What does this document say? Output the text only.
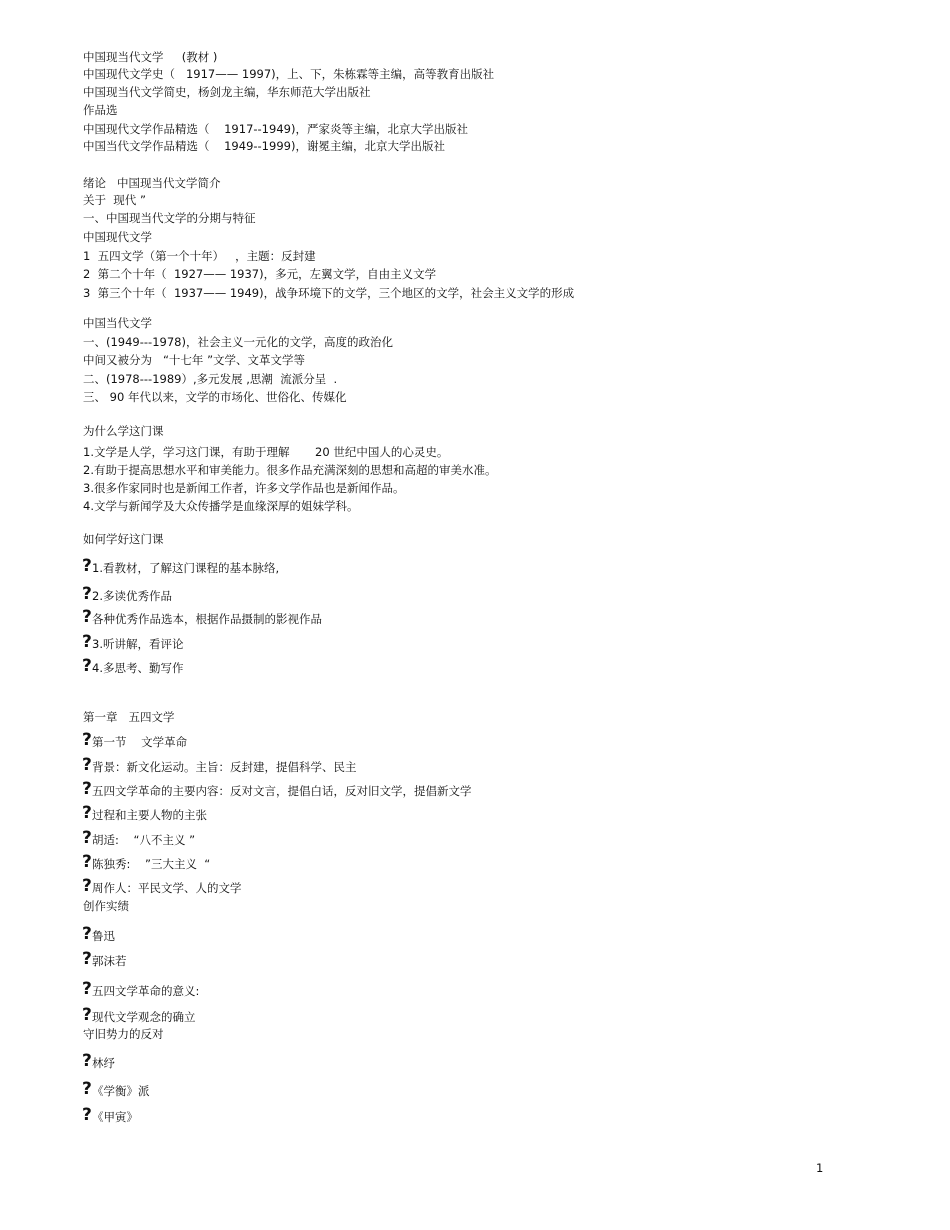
中国现当代文学     (教材 )
中国现代文学史（   1917—— 1997)，上、下，朱栋霖等主编，高等教育出版社
中国现当代文学简史，杨剑龙主编，华东师范大学出版社
作品选
中国现代文学作品精选（    1917--1949)，严家炎等主编，北京大学出版社
中国当代文学作品精选（    1949--1999)，谢冕主编，北京大学出版社
绪论   中国现当代文学简介
关于  现代 ”
一、中国现当代文学的分期与特征
中国现代文学
1  五四文学（第一个十年）   ，主题：反封建
2  第二个十年（  1927—— 1937)，多元，左翼文学，自由主义文学
3  第三个十年（  1937—— 1949)，战争环境下的文学，三个地区的文学，社会主义文学的形成
中国当代文学
一、(1949---1978)，社会主义一元化的文学，高度的政治化
中间又被分为   “十七年 ”文学、文革文学等
二、(1978---1989）,多元发展 ,思潮  流派分呈  .
三、 90 年代以来，文学的市场化、世俗化、传媒化
为什么学这门课
1.文学是人学，学习这门课，有助于理解       20 世纪中国人的心灵史。
2.有助于提高思想水平和审美能力。很多作品充满深刻的思想和高超的审美水准。
3.很多作家同时也是新闻工作者，许多文学作品也是新闻作品。
4.文学与新闻学及大众传播学是血缘深厚的姐妹学科。
如何学好这门课
? 1.看教材，了解这门课程的基本脉络,
? 2.多读优秀作品
? 各种优秀作品选本，根据作品摄制的影视作品
? 3.听讲解，看评论
? 4.多思考、勤写作
第一章   五四文学
? 第一节    文学革命
? 背景：新文化运动。主旨：反封建，提倡科学、民主
? 五四文学革命的主要内容：反对文言，提倡白话，反对旧文学，提倡新文学
? 过程和主要人物的主张
? 胡适:    “八不主义 ”
? 陈独秀:    ”三大主义  “
? 周作人：平民文学、人的文学
创作实绩
? 鲁迅
? 郭沫若
? 五四文学革命的意义:
? 现代文学观念的确立
守旧势力的反对
? 林纾
? 《学衡》派
? 《甲寅》
1
